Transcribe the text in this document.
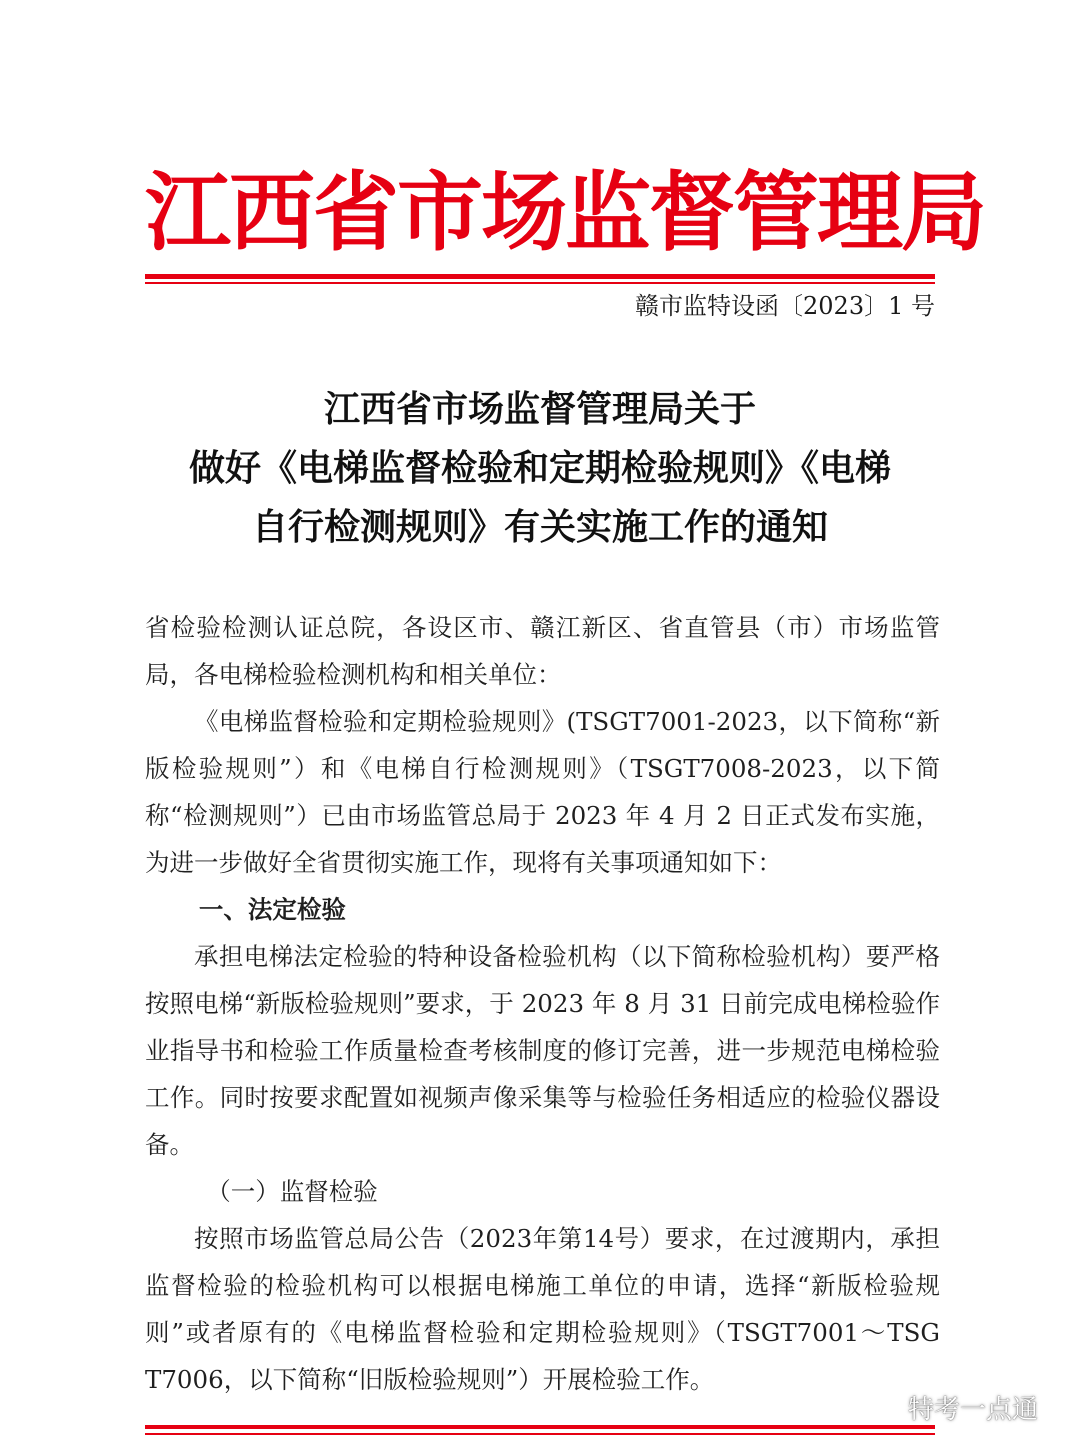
江西省市场监督管理局
赣市监特设函〔2023〕1 号
江西省市场监督管理局关于
做好《电梯监督检验和定期检验规则》《电梯
自行检测规则》有关实施工作的通知

省检验检测认证总院，各设区市、赣江新区、省直管县（市）市场监管局，各电梯检验检测机构和相关单位：

《电梯监督检验和定期检验规则》(TSGT7001-2023，以下简称“新版检验规则”）和《电梯自行检测规则》（TSGT7008-2023，以下简称“检测规则”）已由市场监管总局于 2023 年 4 月 2 日正式发布实施，为进一步做好全省贯彻实施工作，现将有关事项通知如下：

一、法定检验

承担电梯法定检验的特种设备检验机构（以下简称检验机构）要严格按照电梯“新版检验规则”要求，于 2023 年 8 月 31 日前完成电梯检验作业指导书和检验工作质量检查考核制度的修订完善，进一步规范电梯检验工作。同时按要求配置如视频声像采集等与检验任务相适应的检验仪器设备。

（一）监督检验

按照市场监管总局公告（2023年第14号）要求，在过渡期内，承担监督检验的检验机构可以根据电梯施工单位的申请，选择“新版检验规则”或者原有的《电梯监督检验和定期检验规则》（TSGT7001～TSG T7006，以下简称“旧版检验规则”）开展检验工作。

特考一点通
